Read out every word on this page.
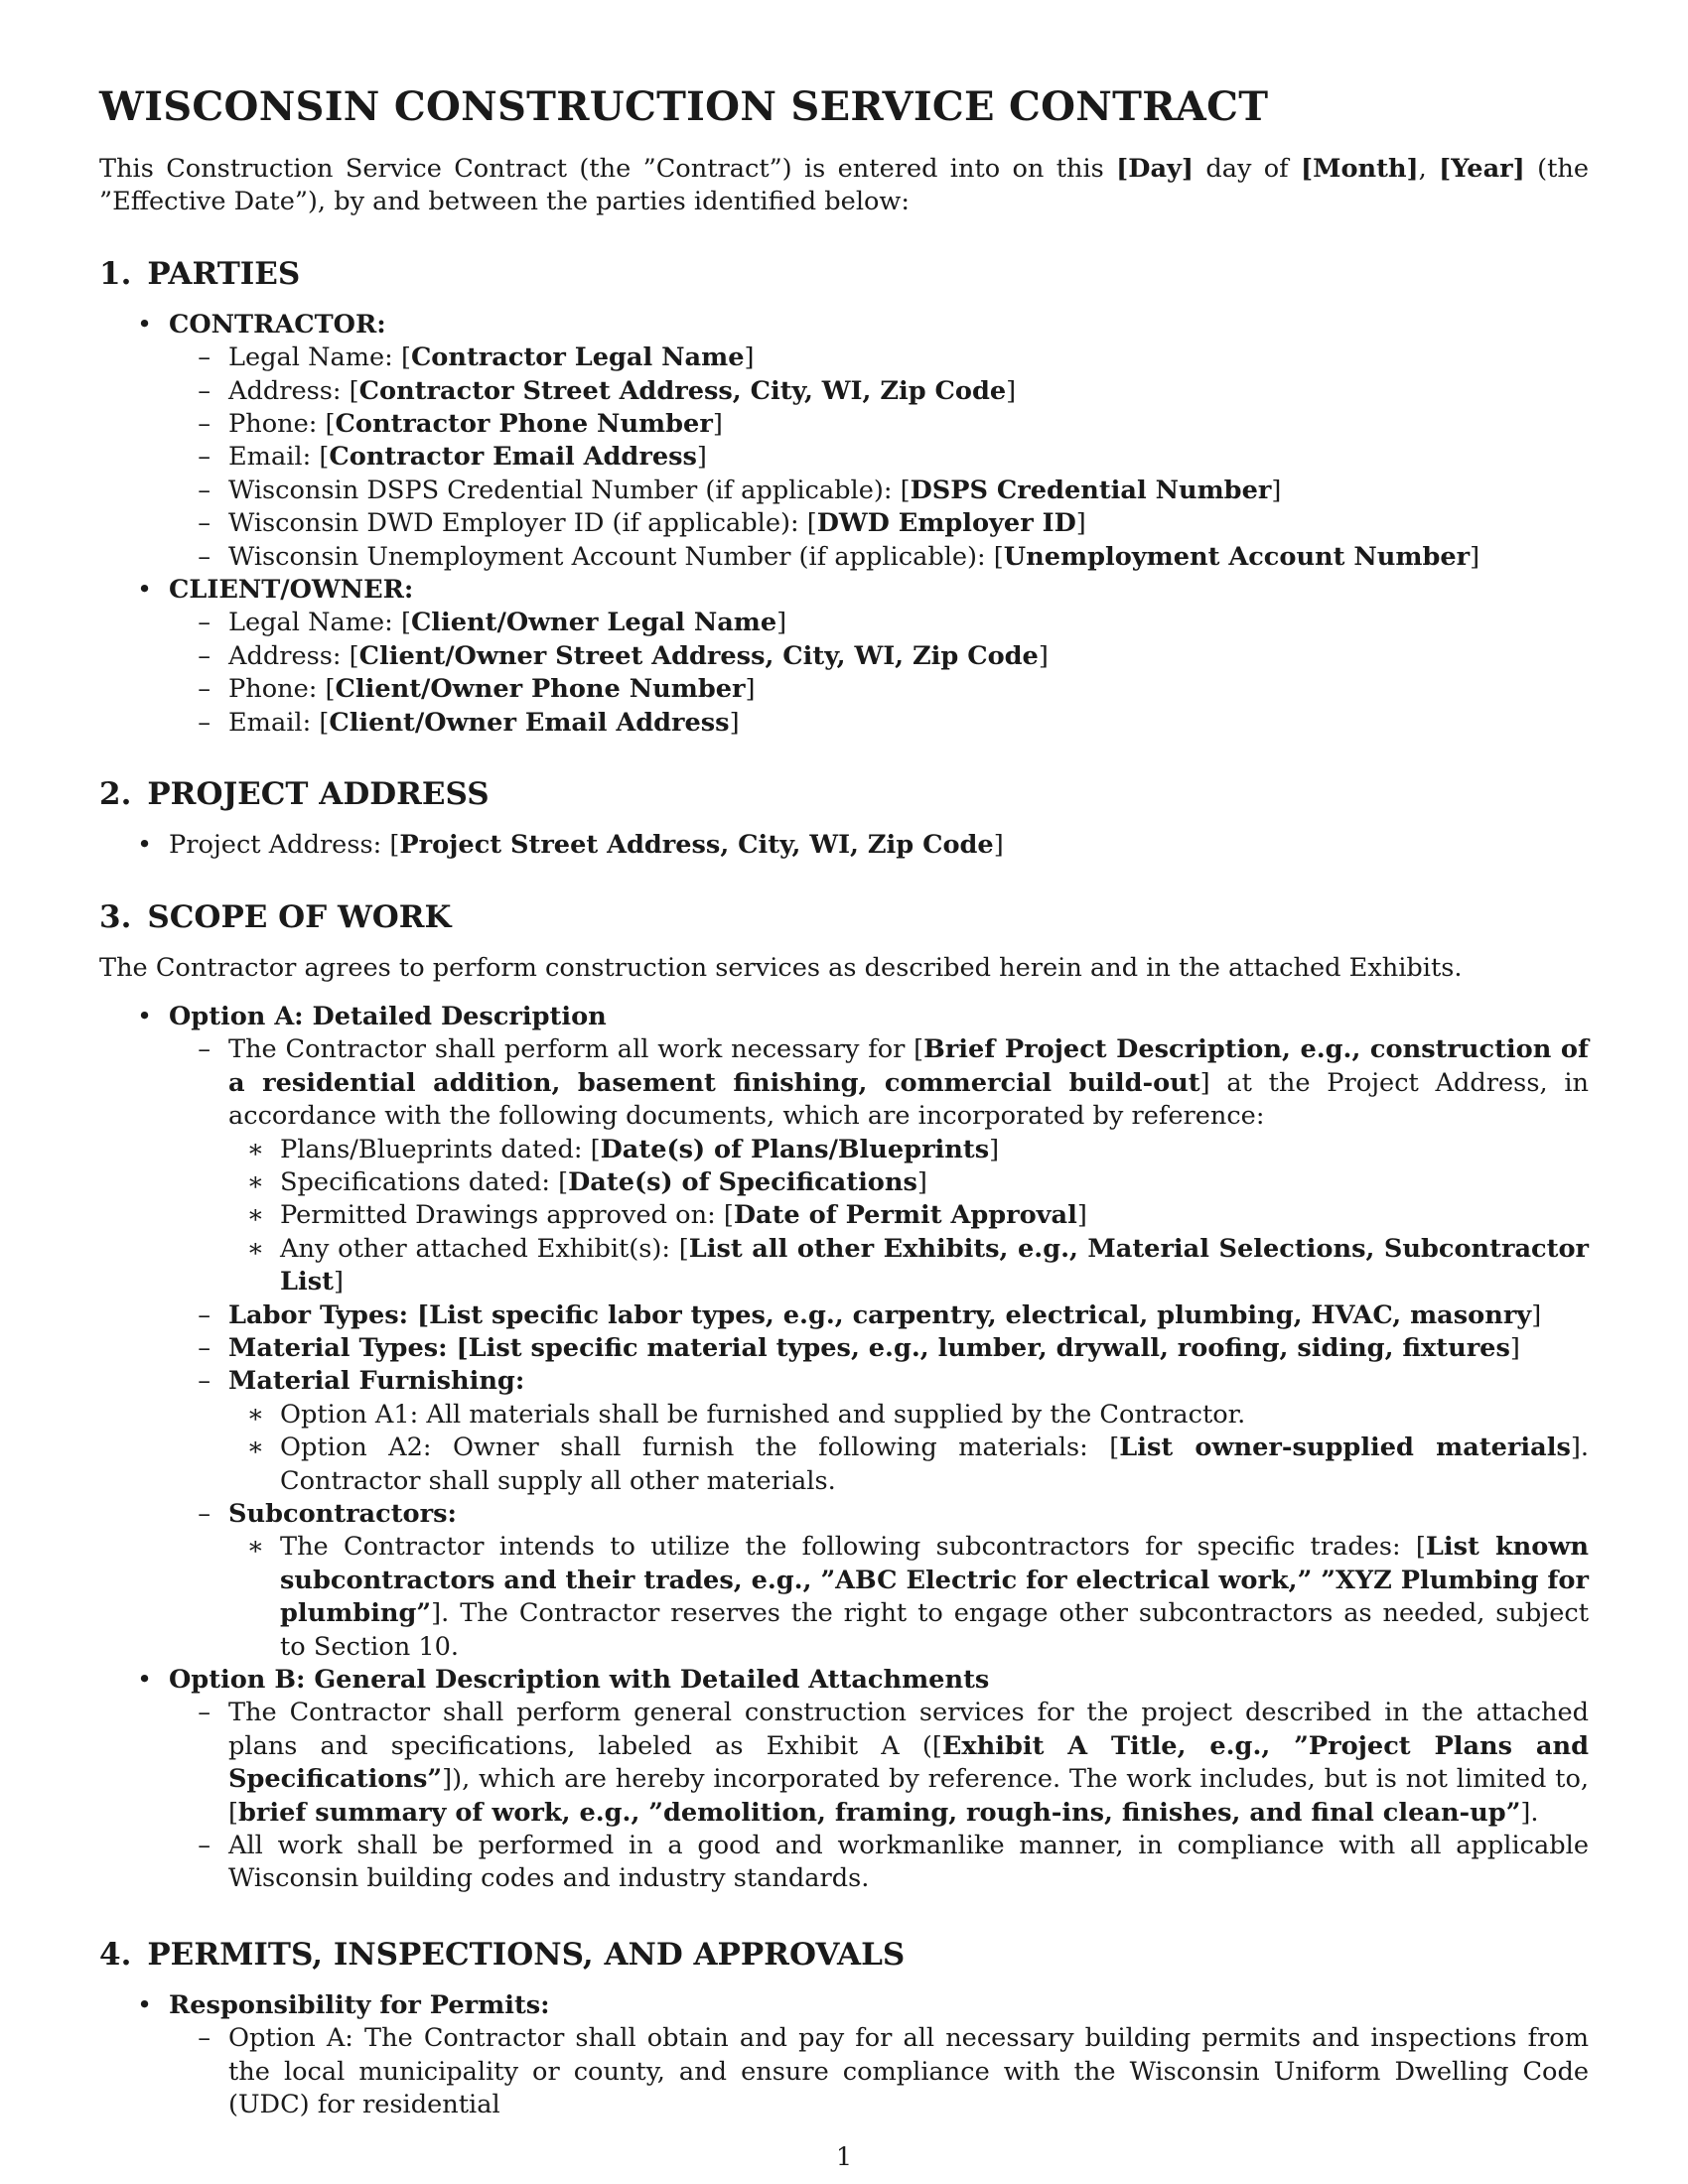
WISCONSIN CONSTRUCTION SERVICE CONTRACT

This Construction Service Contract (the ”Contract”) is entered into on this [Day] day of [Month], [Year] (the ”Effective Date”), by and between the parties identified below:

1. PARTIES
• CONTRACTOR:
– Legal Name: [Contractor Legal Name]
– Address: [Contractor Street Address, City, WI, Zip Code]
– Phone: [Contractor Phone Number]
– Email: [Contractor Email Address]
– Wisconsin DSPS Credential Number (if applicable): [DSPS Credential Number]
– Wisconsin DWD Employer ID (if applicable): [DWD Employer ID]
– Wisconsin Unemployment Account Number (if applicable): [Unemployment Account Number]
• CLIENT/OWNER:
– Legal Name: [Client/Owner Legal Name]
– Address: [Client/Owner Street Address, City, WI, Zip Code]
– Phone: [Client/Owner Phone Number]
– Email: [Client/Owner Email Address]
2. PROJECT ADDRESS
• Project Address: [Project Street Address, City, WI, Zip Code]
3. SCOPE OF WORK

The Contractor agrees to perform construction services as described herein and in the attached Exhibits.

• Option A: Detailed Description
– The Contractor shall perform all work necessary for [Brief Project Description, e.g., construction of a residential addition, basement finishing, commercial build-out] at the Project Address, in accordance with the following documents, which are incorporated by reference:
∗ Plans/Blueprints dated: [Date(s) of Plans/Blueprints]
∗ Specifications dated: [Date(s) of Specifications]
∗ Permitted Drawings approved on: [Date of Permit Approval]
∗ Any other attached Exhibit(s): [List all other Exhibits, e.g., Material Selections, Subcontractor List]
– Labor Types: [List specific labor types, e.g., carpentry, electrical, plumbing, HVAC, masonry]
– Material Types: [List specific material types, e.g., lumber, drywall, roofing, siding, fixtures]
– Material Furnishing:
∗ Option A1: All materials shall be furnished and supplied by the Contractor.
∗ Option A2: Owner shall furnish the following materials: [List owner-supplied materials]. Contractor shall supply all other materials.
– Subcontractors:
∗ The Contractor intends to utilize the following subcontractors for specific trades: [List known subcontractors and their trades, e.g., ”ABC Electric for electrical work,” ”XYZ Plumbing for plumbing”]. The Contractor reserves the right to engage other subcontractors as needed, subject to Section 10.
• Option B: General Description with Detailed Attachments
– The Contractor shall perform general construction services for the project described in the attached plans and specifications, labeled as Exhibit A ([Exhibit A Title, e.g., ”Project Plans and Specifications”]), which are hereby incorporated by reference. The work includes, but is not limited to, [brief summary of work, e.g., ”demolition, framing, rough-ins, finishes, and final clean-up”].
– All work shall be performed in a good and workmanlike manner, in compliance with all applicable Wisconsin building codes and industry standards.
4. PERMITS, INSPECTIONS, AND APPROVALS
• Responsibility for Permits:
– Option A: The Contractor shall obtain and pay for all necessary building permits and inspections from the local municipality or county, and ensure compliance with the Wisconsin Uniform Dwelling Code (UDC) for residential
1
